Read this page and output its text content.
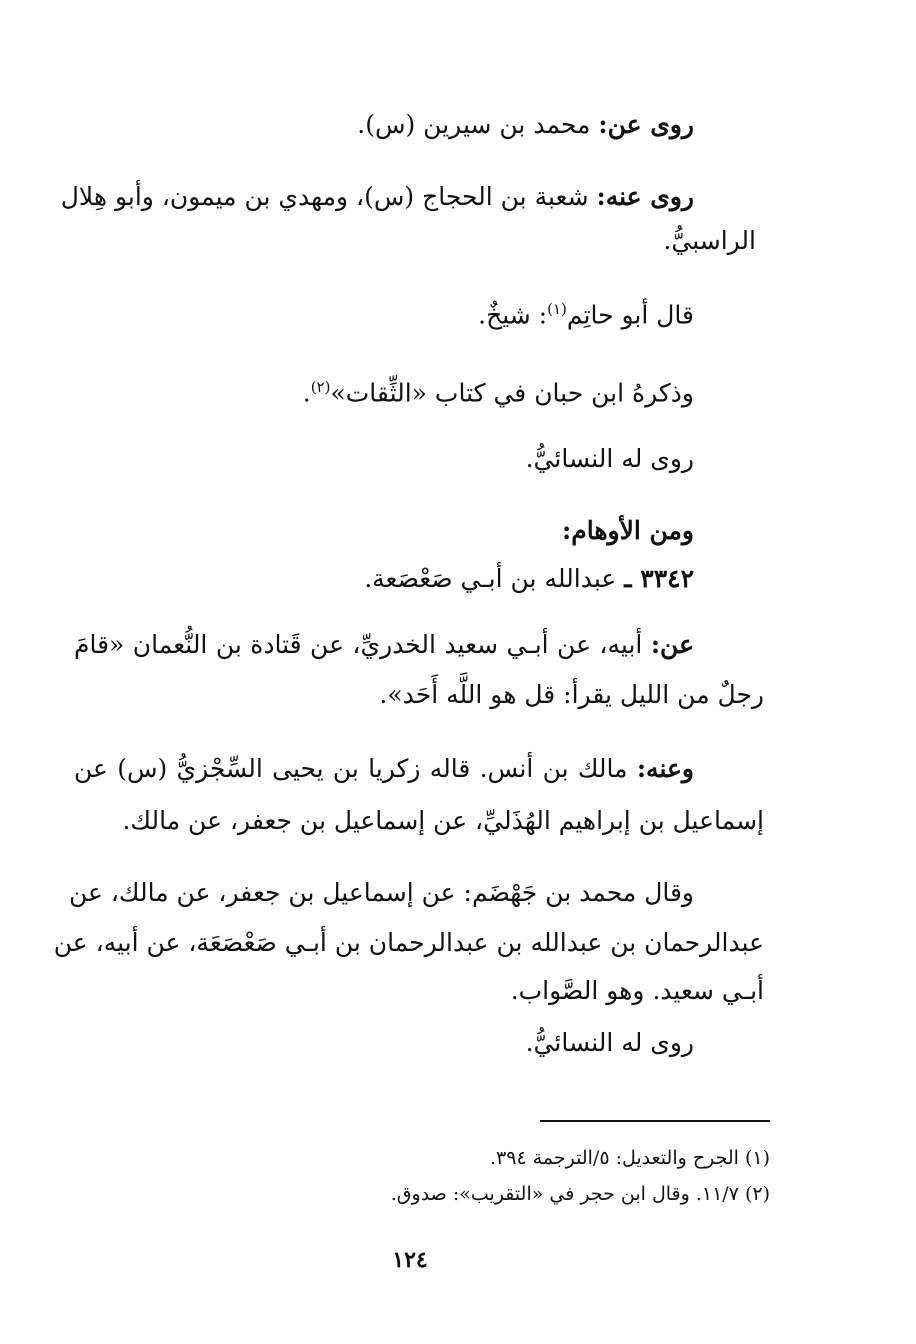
روى عن: محمد بن سيرين (س).
روى عنه: شعبة بن الحجاج (س)، ومهدي بن ميمون، وأبو هِلال
الراسبيُّ.
قال أبو حاتِم$^{(١)}$: شيخٌ.
وذكرهُ ابن حبان في كتاب «الثِّقات»$^{(٢)}$.
روى له النسائيُّ.
ومن الأوهام:
٣٣٤٢ ـ عبدالله بن أبـي صَعْصَعة.
عن: أبيه، عن أبـي سعيد الخدريِّ، عن قَتادة بن النُّعمان «قامَ
رجلٌ من الليل يقرأ: قل هو اللَّه أَحَد».
وعنه: مالك بن أنس. قاله زكريا بن يحيى السِّجْزيُّ (س) عن
إسماعيل بن إبراهيم الهُذَليِّ، عن إسماعيل بن جعفر، عن مالك.
وقال محمد بن جَهْضَم: عن إسماعيل بن جعفر، عن مالك، عن
عبدالرحمان بن عبدالله بن عبدالرحمان بن أبـي صَعْصَعَة، عن أبيه، عن
أبـي سعيد. وهو الصَّواب.
روى له النسائيُّ.
(١) الجرح والتعديل: ٥/الترجمة ٣٩٤.
(٢) ١١/٧. وقال ابن حجر في «التقريب»: صدوق.
١٢٤
